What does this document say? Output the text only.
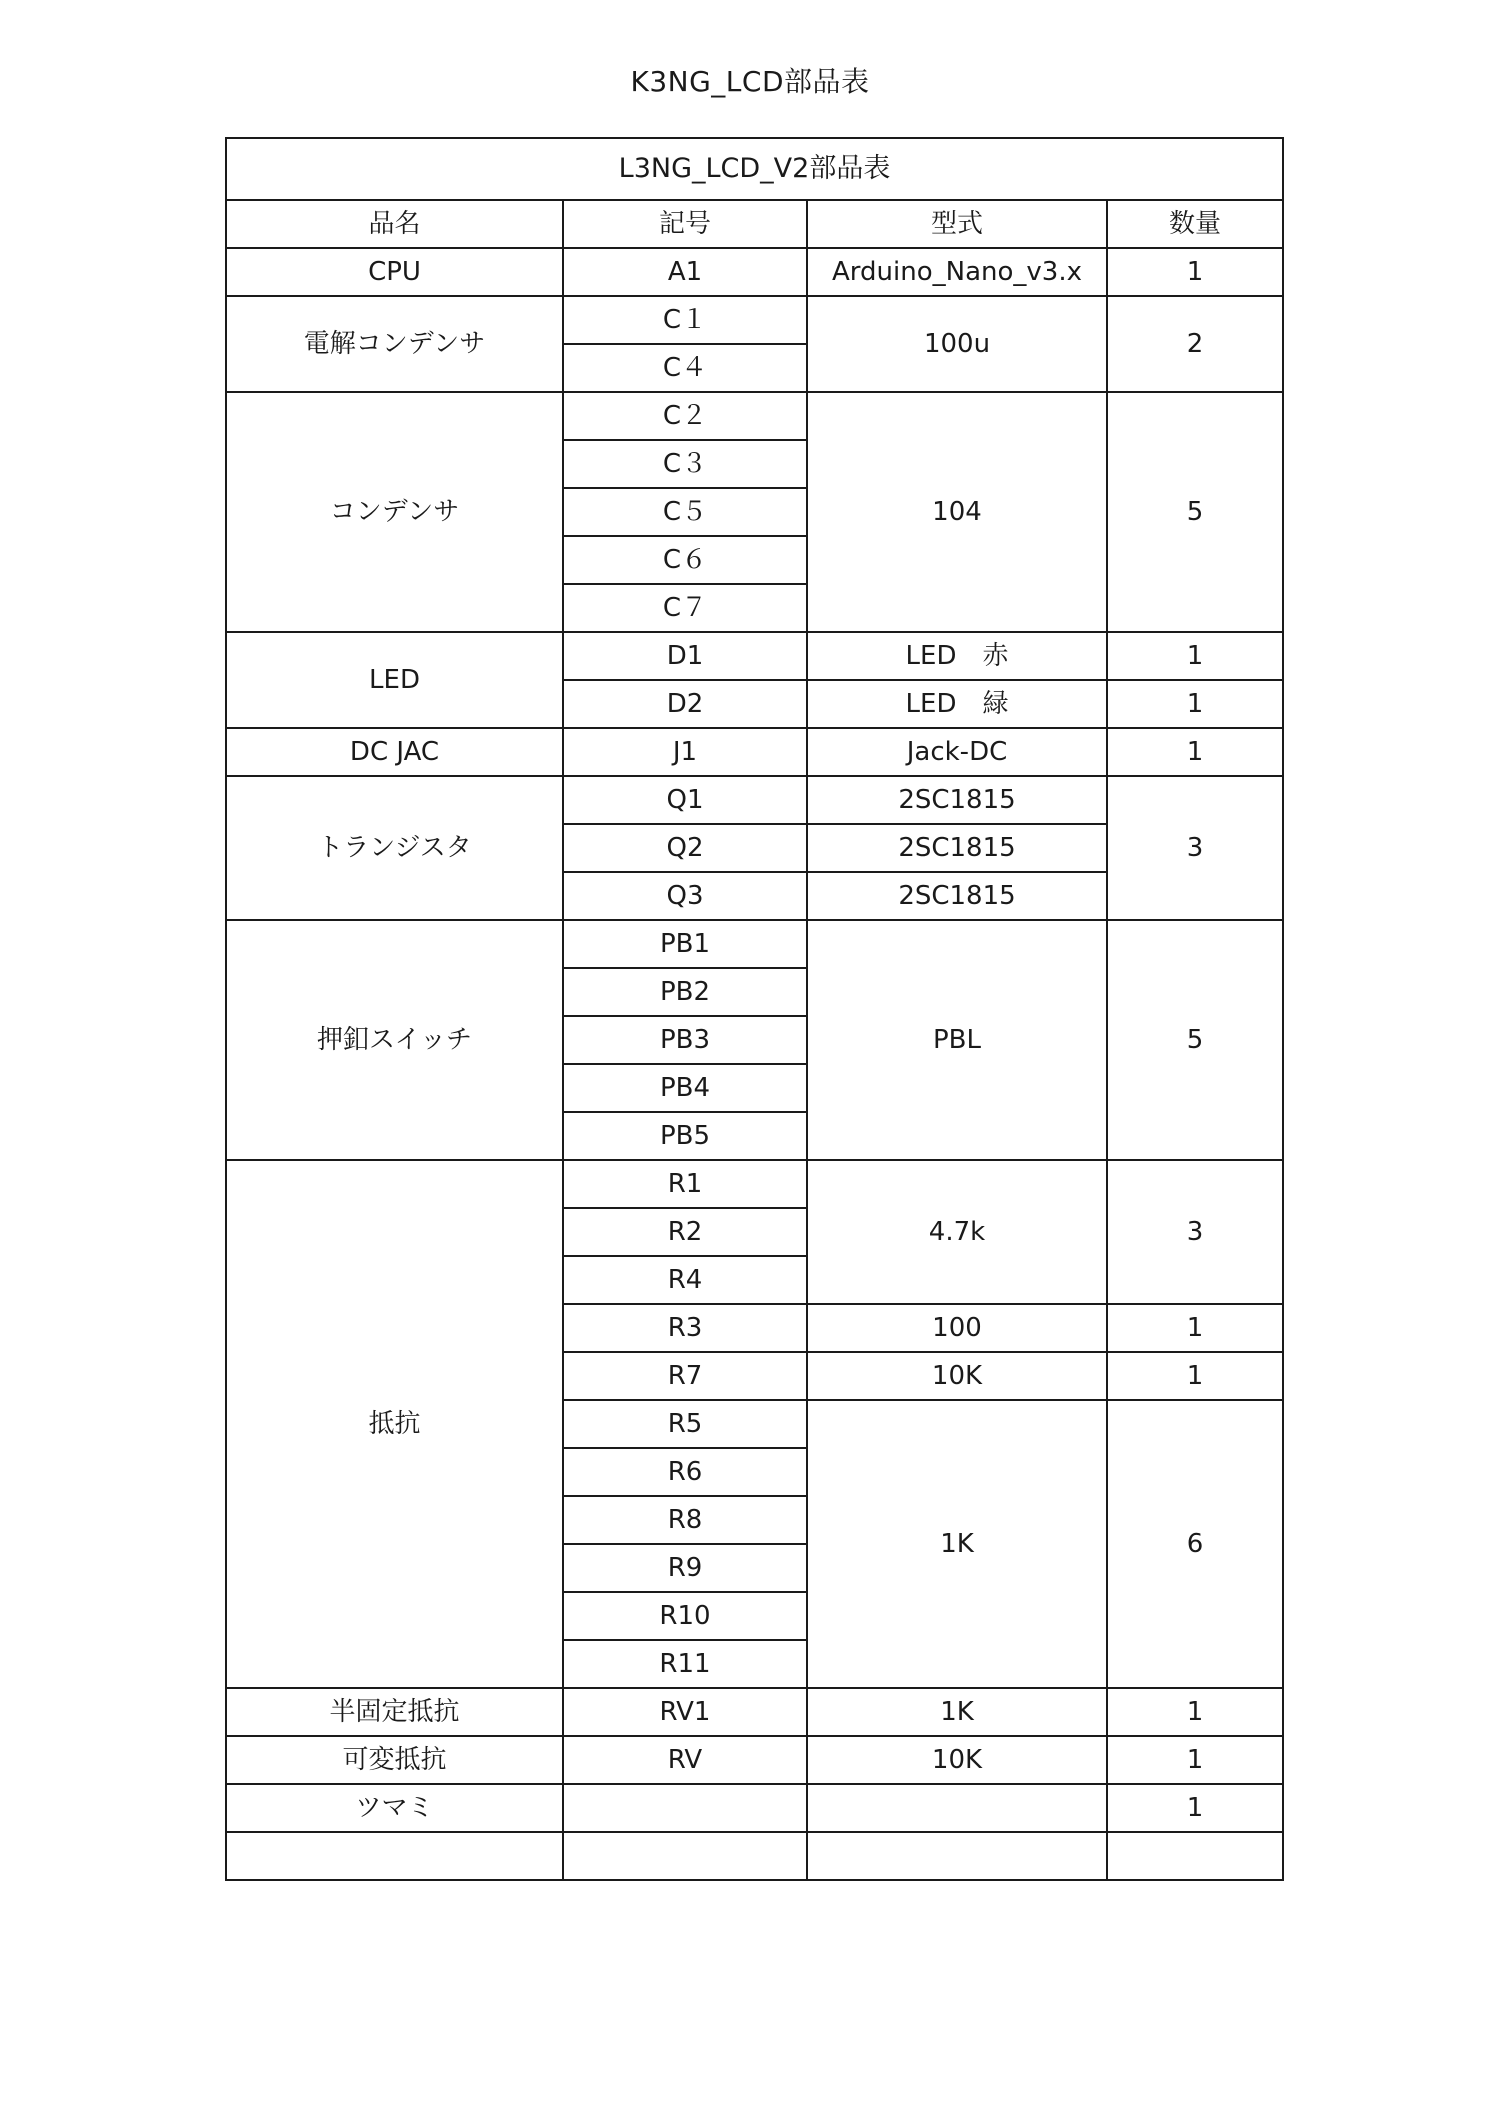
K3NG_LCD部品表
L3NG_LCD_V2部品表			
品名	記号	型式	数量
CPU	A1	Arduino_Nano_v3.x	1
電解コンデンサ	C１	100u	2
	C４		
コンデンサ	C２	104	5
	C３		
	C５		
	C６		
	C７		
LED	D1	LED　赤	1
	D2	LED　緑	1
DC JAC	J1	Jack-DC	1
トランジスタ	Q1	2SC1815	3
	Q2	2SC1815	
	Q3	2SC1815	
押釦スイッチ	PB1	PBL	5
	PB2		
	PB3		
	PB4		
	PB5		
抵抗	R1	4.7k	3
	R2		
	R4		
	R3	100	1
	R7	10K	1
	R5	1K	6
	R6		
	R8		
	R9		
	R10		
	R11		
半固定抵抗	RV1	1K	1
可変抵抗	RV	10K	1
ツマミ			1
